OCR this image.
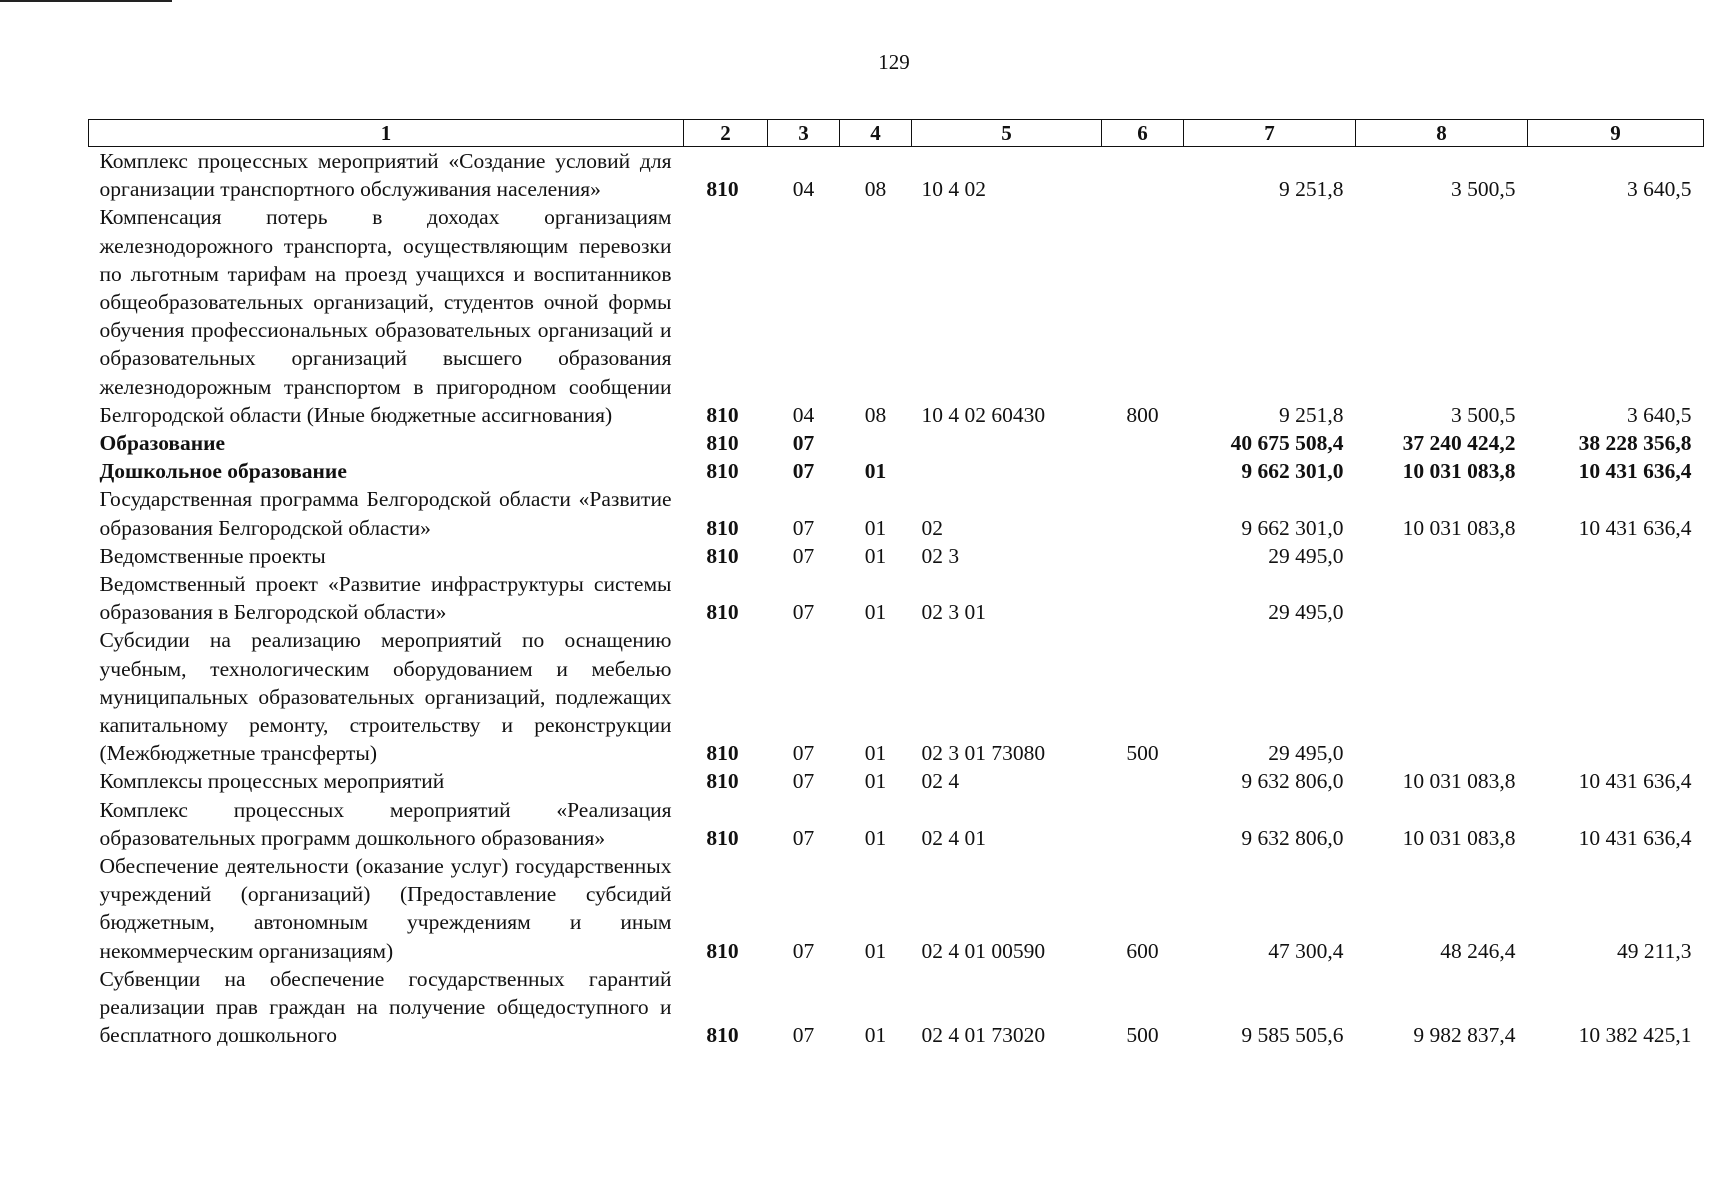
129
1	2	3	4	5	6	7	8	9
Комплекс процессных мероприятий «Создание условий для организации транспортного обслуживания населения»	810	04	08	10 4 02		9 251,8	3 500,5	3 640,5
Компенсация потерь в доходах организациям железнодорожного транспорта, осуществляющим перевозки по льготным тарифам на проезд учащихся и воспитанников общеобразовательных организаций, студентов очной формы обучения профессиональных образовательных организаций и образовательных организаций высшего образования железнодорожным транспортом в пригородном сообщении Белгородской области (Иные бюджетные ассигнования)	810	04	08	10 4 02 60430	800	9 251,8	3 500,5	3 640,5
Образование	810	07				40 675 508,4	37 240 424,2	38 228 356,8
Дошкольное образование	810	07	01			9 662 301,0	10 031 083,8	10 431 636,4
Государственная программа Белгородской области «Развитие образования Белгородской области»	810	07	01	02		9 662 301,0	10 031 083,8	10 431 636,4
Ведомственные проекты	810	07	01	02 3		29 495,0		
Ведомственный проект «Развитие инфраструктуры системы образования в Белгородской области»	810	07	01	02 3 01		29 495,0		
Субсидии на реализацию мероприятий по оснащению учебным, технологическим оборудованием и мебелью муниципальных образовательных организаций, подлежащих капитальному ремонту, строительству и реконструкции (Межбюджетные трансферты)	810	07	01	02 3 01 73080	500	29 495,0		
Комплексы процессных мероприятий	810	07	01	02 4		9 632 806,0	10 031 083,8	10 431 636,4
Комплекс процессных мероприятий «Реализация образовательных программ дошкольного образования»	810	07	01	02 4 01		9 632 806,0	10 031 083,8	10 431 636,4
Обеспечение деятельности (оказание услуг) государственных учреждений (организаций) (Предоставление субсидий бюджетным, автономным учреждениям и иным некоммерческим организациям)	810	07	01	02 4 01 00590	600	47 300,4	48 246,4	49 211,3
Субвенции на обеспечение государственных гарантий реализации прав граждан на получение общедоступного и бесплатного дошкольного	810	07	01	02 4 01 73020	500	9 585 505,6	9 982 837,4	10 382 425,1
